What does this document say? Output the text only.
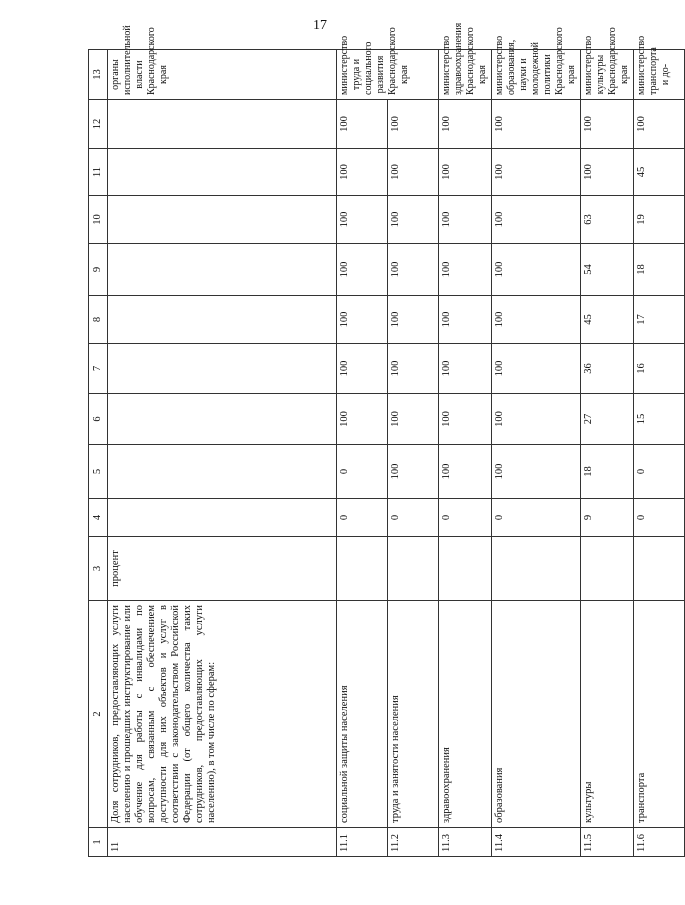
17
1	2	3	4	5	6	7	8	9	10	11	12	13
11	Доля сотрудников, предоставляющих услуги населению и прошедших инструктирование или обучение для работы с инвалидами по вопросам, связанным с обеспечением доступности для них объектов и услуг в соответствии с законодательством Российской Федерации (от общего количества таких сотрудников, предоставляющих услуги населению), в том числе по сферам:	процент										органы исполнительной власти Краснодарского края
11.1	социальной защиты населения		0	0	100	100	100	100	100	100	100	министерство труда и социального развития Краснодарского края
11.2	труда и занятости населения		0	100	100	100	100	100	100	100	100	
11.3	здравоохранения		0	100	100	100	100	100	100	100	100	министерство здравоохранения Краснодарского края
11.4	образования		0	100	100	100	100	100	100	100	100	министерство образования, науки и молодежной политики Краснодарского края
11.5	культуры		9	18	27	36	45	54	63	100	100	министерство культуры Краснодарского края
11.6	транспорта		0	0	15	16	17	18	19	45	100	министерство транспорта и до-
